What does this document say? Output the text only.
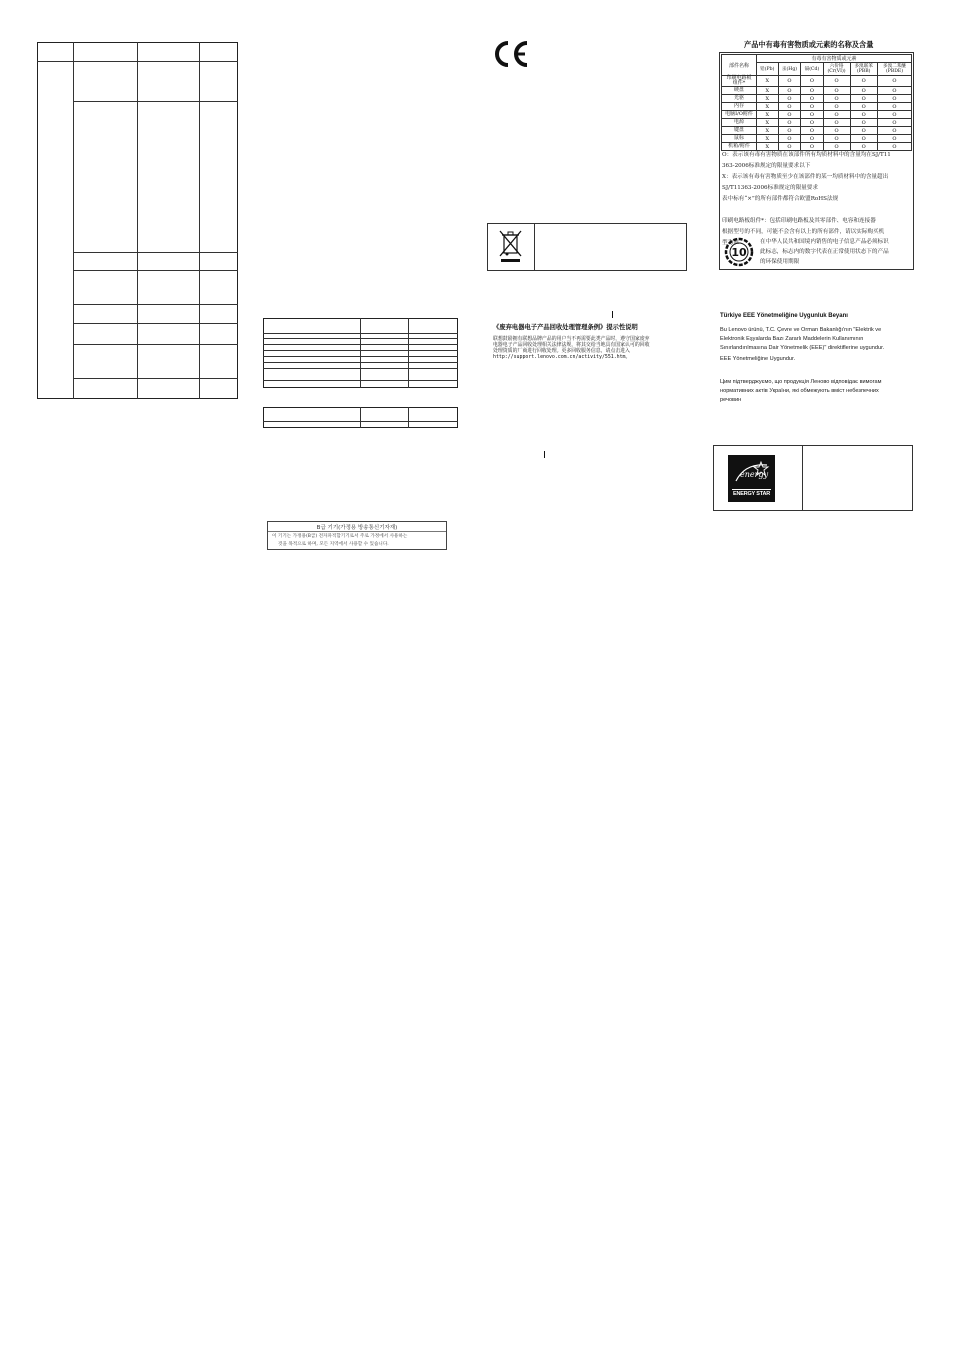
B급 기기(가정용 방송통신기자재)
이 기기는 가정용(B급) 전자파적합기기로서 주로 가정에서 사용하는
것을 목적으로 하며, 모든 지역에서 사용할 수 있습니다.
《废弃电器电子产品回收处理管理条例》提示性说明
联想鼓励拥有联想品牌产品的用户当不再需要此类产品时，遵守国家废弃
电器电子产品回收处理相关法律法规，将其交给当地具有国家认可的回收
处理资质的厂商进行回收处理。更多回收服务信息，请点击进入
http://support.lenovo.com.cn/activity/551.htm。
产品中有毒有害物质或元素的名称及含量
部件名称	有毒有害物质或元素					
	铅(Pb)	汞(Hg)	镉(Cd)	六价铬
(Cr(VI))	多溴联苯
(PBB)	多溴二苯醚
(PBDE)
印刷电路板
组件*	X	O	O	O	O	O
硬盘	X	O	O	O	O	O
光驱	X	O	O	O	O	O
内存	X	O	O	O	O	O
电脑I/O附件	X	O	O	O	O	O
电源	X	O	O	O	O	O
键盘	X	O	O	O	O	O
鼠标	X	O	O	O	O	O
机箱/附件	X	O	O	O	O	O
O：表示该有毒有害物质在该部件所有均质材料中的含量均在SJ/T11
363-2006标准规定的限量要求以下
X：表示该有毒有害物质至少在该部件的某一均质材料中的含量超出
SJ/T11363-2006标准规定的限量要求
表中标有“×”的所有部件都符合欧盟RoHS法规
印刷电路板组件*：包括印刷电路板及其零部件、电容和连接器
根据型号的不同，可能不会含有以上的所有部件，请以实际购买机
型为准
10
在中华人民共和国境内销售的电子信息产品必须标识
此标志，标志内的数字代表在正常使用状态下的产品
的环保使用期限
Türkiye EEE Yönetmeliğine Uygunluk Beyanı
Bu Lenovo ürünü, T.C. Çevre ve Orman Bakanlığı'nın "Elektrik ve
Elektronik Eşyalarda Bazı Zararlı Maddelerin Kullanımının
Sınırlandırılmasına Dair Yönetmelik (EEE)" direktiflerine uygundur.
EEE Yönetmeliğine Uygundur.
Цим підтверджуємо, що продукція Леново відповідає вимогам
нормативних актів України, які обмежують вміст небезпечних
речовин
energy
ENERGY STAR
